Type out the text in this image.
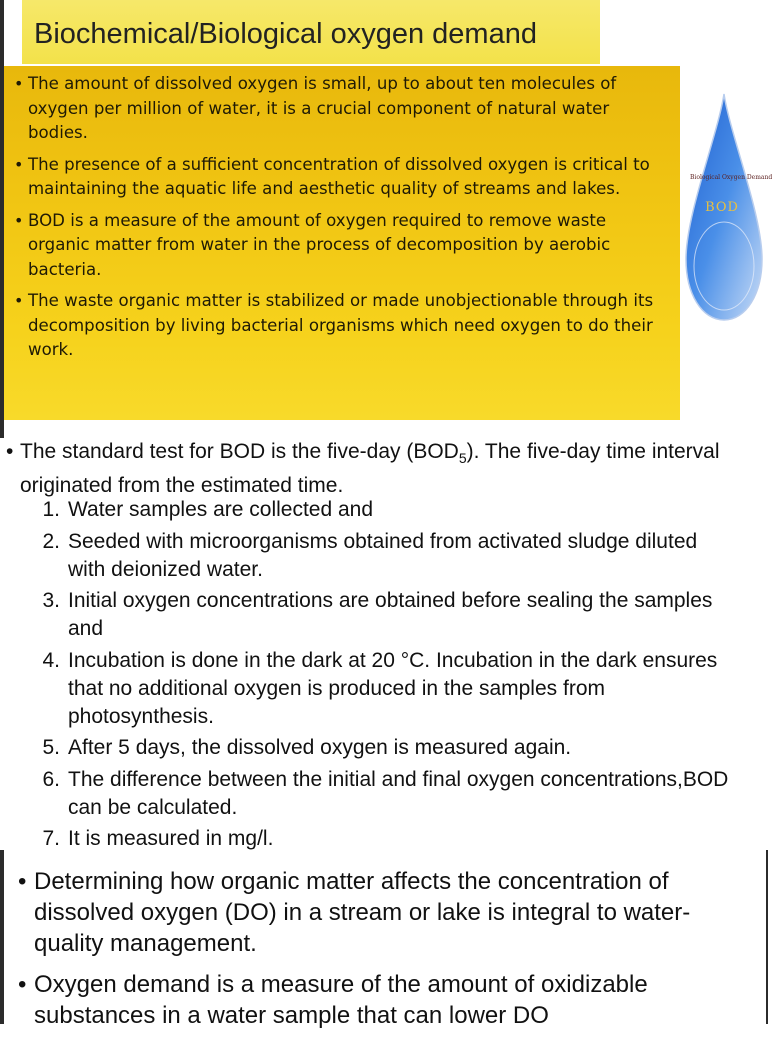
Biochemical/Biological oxygen demand
• The amount of dissolved oxygen is small, up to about ten molecules of oxygen per million of water, it is a crucial component of natural water bodies.
• The presence of a sufficient concentration of dissolved oxygen is critical to maintaining the aquatic life and aesthetic quality of streams and lakes.
• BOD is a measure of the amount of oxygen required to remove waste organic matter from water in the process of decomposition by aerobic bacteria.
• The waste organic matter is stabilized or made unobjectionable through its decomposition by living bacterial organisms which need oxygen to do their work.
Biological Oxygen Demand
BOD
• The standard test for BOD is the five-day $(BOD_5)$. The five-day time interval originated from the estimated time.
1. Water samples are collected and
2. Seeded with microorganisms obtained from activated sludge diluted with deionized water.
3. Initial oxygen concentrations are obtained before sealing the samples and
4. Incubation is done in the dark at 20 °C. Incubation in the dark ensures that no additional oxygen is produced in the samples from photosynthesis.
5. After 5 days, the dissolved oxygen is measured again.
6. The difference between the initial and final oxygen concentrations,BOD can be calculated.
7. It is measured in mg/l.
• Determining how organic matter affects the concentration of dissolved oxygen (DO) in a stream or lake is integral to water-quality management.
• Oxygen demand is a measure of the amount of oxidizable substances in a water sample that can lower DO
